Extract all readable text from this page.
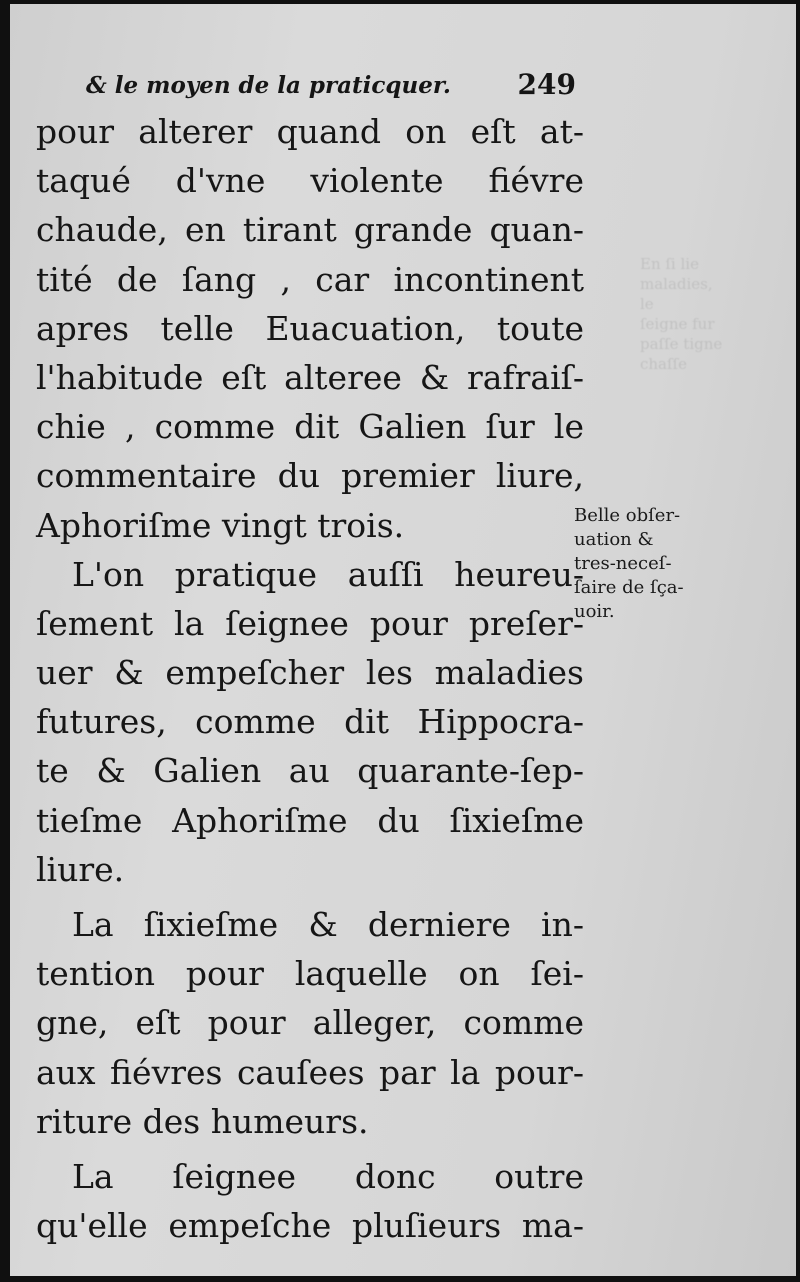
En ſi lie
maladies, le
ſeigne fur
paſſe tigne
chaſſe
& le moyen de la praticquer. 249
pour alterer quand on eſt at-
taqué d'vne violente fiévre
chaude, en tirant grande quan-
tité de ſang , car incontinent
apres telle Euacuation, toute
l'habitude eſt alteree & rafraiſ-
chie , comme dit Galien ſur le
commentaire du premier liure,
Aphoriſme vingt trois.
L'on pratique auſſi heureu-
ſement la ſeignee pour preſer-
uer & empeſcher les maladies
futures, comme dit Hippocra-
te & Galien au quarante-ſep-
tieſme Aphoriſme du ſixieſme
liure.
La ſixieſme & derniere in-
tention pour laquelle on ſei-
gne, eſt pour alleger, comme
aux fiévres cauſees par la pour-
riture des humeurs.
La ſeignee donc outre
qu'elle empeſche pluſieurs ma-
Belle obſer-
uation &
tres-neceſ-
ſaire de ſça-
uoir.
